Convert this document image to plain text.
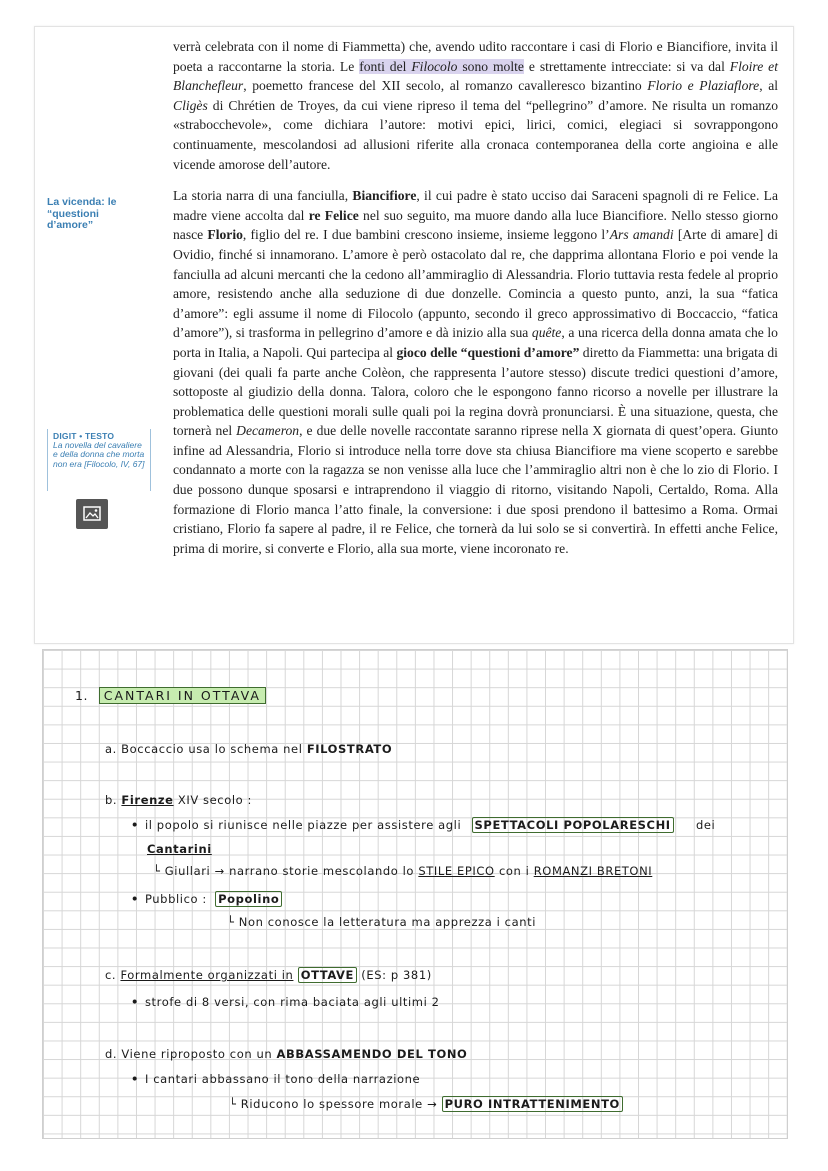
verrà celebrata con il nome di Fiammetta) che, avendo udito raccontare i casi di Florio e Biancifiore, invita il poeta a raccontarne la storia. Le fonti del Filocolo sono molte e strettamente intrecciate: si va dal Floire et Blanchefleur, poemetto francese del XII secolo, al romanzo cavalleresco bizantino Florio e Plaziaflore, al Cligès di Chrétien de Troyes, da cui viene ripreso il tema del “pellegrino” d’amore. Ne risulta un romanzo «strabocchevole», come dichiara l’autore: motivi epici, lirici, comici, elegiaci si sovrappongono continuamente, mescolandosi ad allusioni riferite alla cronaca contemporanea della corte angioina e alle vicende amorose dell’autore.

La storia narra di una fanciulla, Biancifiore, il cui padre è stato ucciso dai Saraceni spagnoli di re Felice. La madre viene accolta dal re Felice nel suo seguito, ma muore dando alla luce Biancifiore. Nello stesso giorno nasce Florio, figlio del re. I due bambini crescono insieme, insieme leggono l’Ars amandi [Arte di amare] di Ovidio, finché si innamorano. L’amore è però ostacolato dal re, che dapprima allontana Florio e poi vende la fanciulla ad alcuni mercanti che la cedono all’ammiraglio di Alessandria. Florio tuttavia resta fedele al proprio amore, resistendo anche alla seduzione di due donzelle. Comincia a questo punto, anzi, la sua “fatica d’amore”: egli assume il nome di Filocolo (appunto, secondo il greco approssimativo di Boccaccio, “fatica d’amore”), si trasforma in pellegrino d’amore e dà inizio alla sua quête, a una ricerca della donna amata che lo porta in Italia, a Napoli. Qui partecipa al gioco delle “questioni d’amore” diretto da Fiammetta: una brigata di giovani (dei quali fa parte anche Colèon, che rappresenta l’autore stesso) discute tredici questioni d’amore, sottoposte al giudizio della donna. Talora, coloro che le espongono fanno ricorso a novelle per illustrare la problematica delle questioni morali sulle quali poi la regina dovrà pronunciarsi. È una situazione, questa, che tornerà nel Decameron, e due delle novelle raccontate saranno riprese nella X giornata di quest’opera. Giunto infine ad Alessandria, Florio si introduce nella torre dove sta chiusa Biancifiore ma viene scoperto e sarebbe condannato a morte con la ragazza se non venisse alla luce che l’ammiraglio altri non è che lo zio di Florio. I due possono dunque sposarsi e intraprendono il viaggio di ritorno, visitando Napoli, Certaldo, Roma. Alla formazione di Florio manca l’atto finale, la conversione: i due sposi prendono il battesimo a Roma. Ormai cristiano, Florio fa sapere al padre, il re Felice, che tornerà da lui solo se si convertirà. In effetti anche Felice, prima di morire, si converte e Florio, alla sua morte, viene incoronato re.

La vicenda: le “questioni d’amore”
DIGIT • TESTO
La novella del cavaliere e della donna che morta non era [Filocolo, IV, 67]
1. CANTARI IN OTTAVA
a. Boccaccio usa lo schema nel FILOSTRATO
b. Firenze XIV secolo :
• il popolo si riunisce nelle piazze per assistere agli SPETTACOLI POPOLARESCHI dei
Cantarini
└ Giullari → narrano storie mescolando lo STILE EPICO con i ROMANZI BRETONI
• Pubblico : Popolino
└ Non conosce la letteratura ma apprezza i canti
c. Formalmente organizzati in OTTAVE (ES: p 381)
• strofe di 8 versi, con rima baciata agli ultimi 2
d. Viene riproposto con un ABBASSAMENDO DEL TONO
• I cantari abbassano il tono della narrazione
└ Riducono lo spessore morale → PURO INTRATTENIMENTO
